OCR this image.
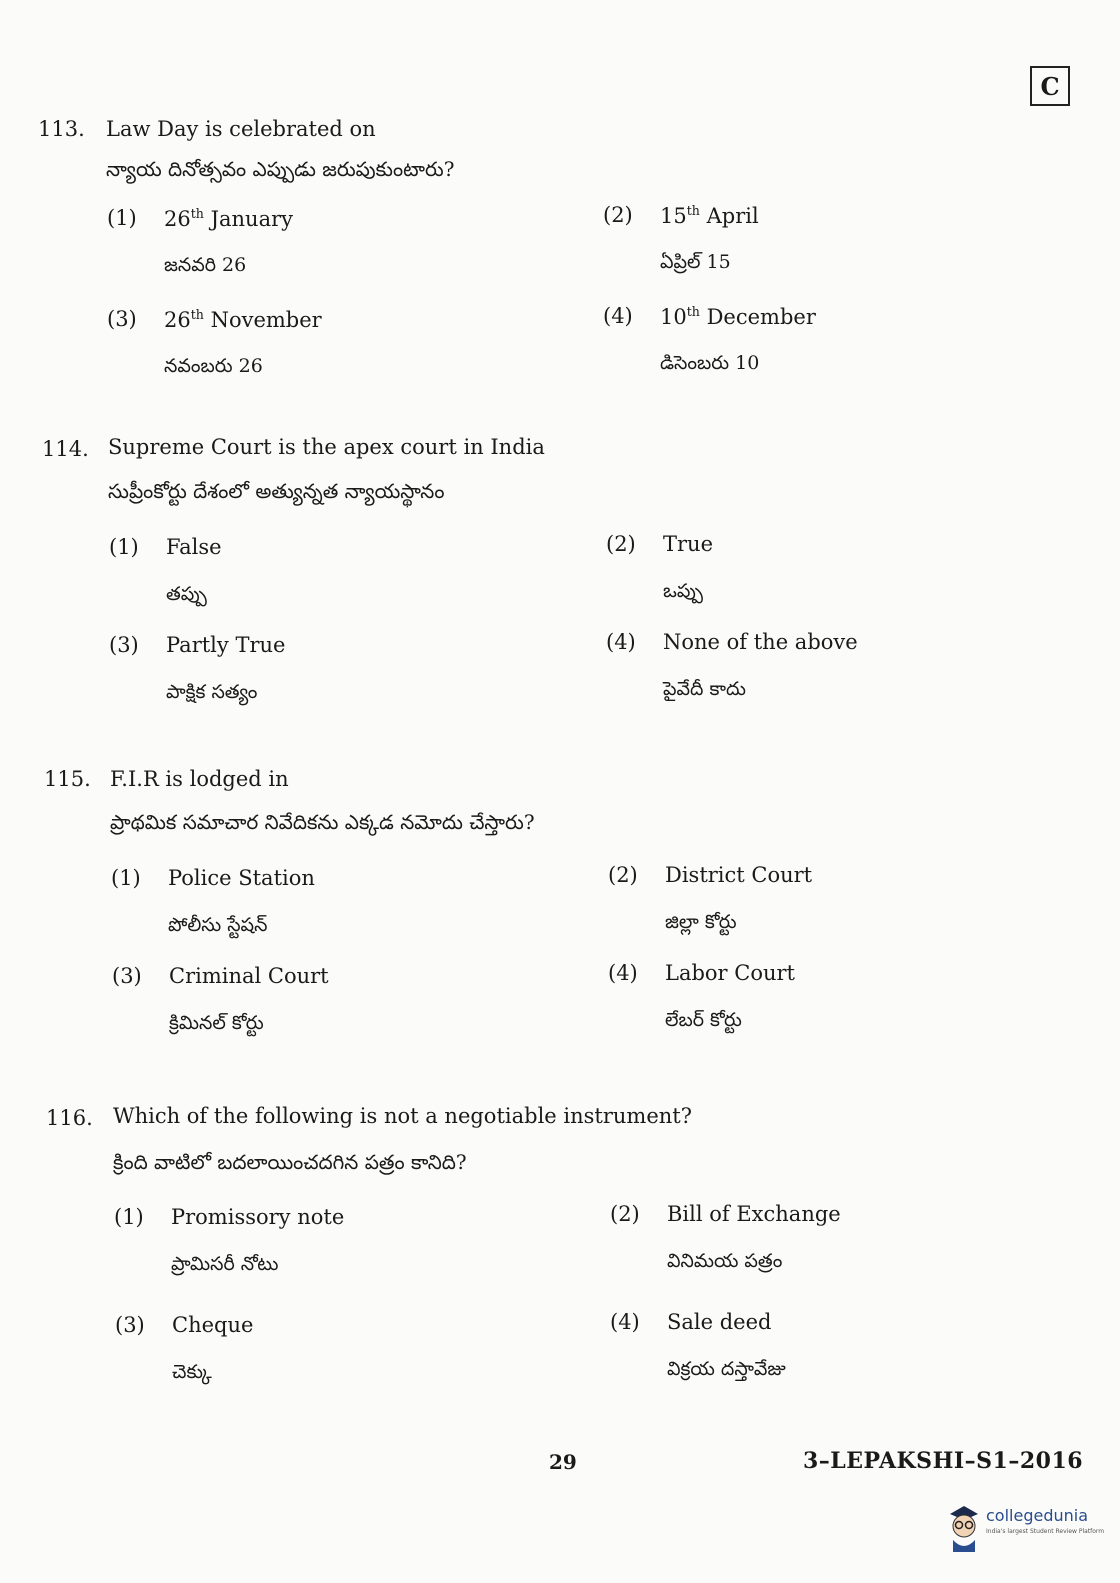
C
113. Law Day is celebrated on
న్యాయ దినోత్సవం ఎప్పుడు జరుపుకుంటారు?
(1) 26th January
జనవరి 26
(2) 15th April
ఏప్రిల్ 15
(3) 26th November
నవంబరు 26
(4) 10th December
డిసెంబరు 10
114. Supreme Court is the apex court in India
సుప్రీంకోర్టు దేశంలో అత్యున్నత న్యాయస్థానం
(1) False
తప్పు
(2) True
ఒప్పు
(3) Partly True
పాక్షిక సత్యం
(4) None of the above
పైవేదీ కాదు
115. F.I.R is lodged in
ప్రాథమిక సమాచార నివేదికను ఎక్కడ నమోదు చేస్తారు?
(1) Police Station
పోలీసు స్టేషన్
(2) District Court
జిల్లా కోర్టు
(3) Criminal Court
క్రిమినల్ కోర్టు
(4) Labor Court
లేబర్ కోర్టు
116. Which of the following is not a negotiable instrument?
క్రింది వాటిలో బదలాయించదగిన పత్రం కానిది?
(1) Promissory note
ప్రామిసరీ నోటు
(2) Bill of Exchange
వినిమయ పత్రం
(3) Cheque
చెక్కు
(4) Sale deed
విక్రయ దస్తావేజు
29	3–LEPAKSHI–S1–2016
collegedunia
India's largest Student Review Platform
